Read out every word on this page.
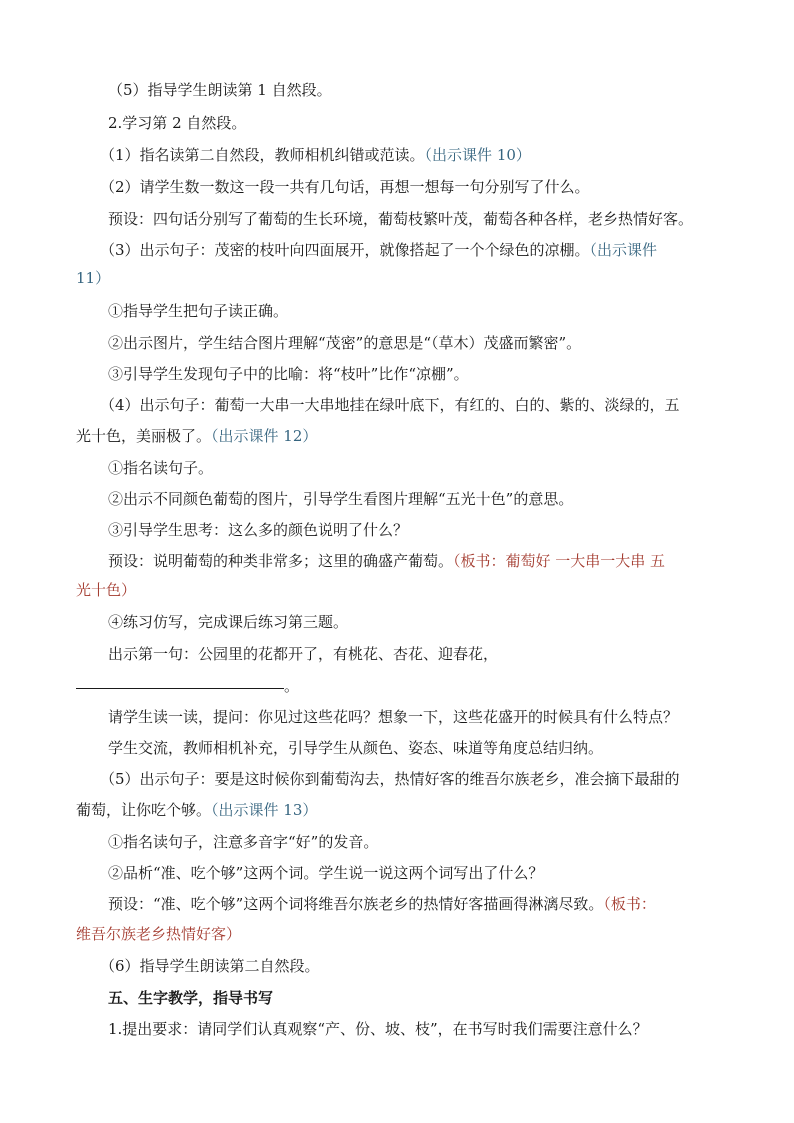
（5）指导学生朗读第 1 自然段。
2.学习第 2 自然段。
（1）指名读第二自然段，教师相机纠错或范读。（出示课件 10）
（2）请学生数一数这一段一共有几句话，再想一想每一句分别写了什么。
预设：四句话分别写了葡萄的生长环境，葡萄枝繁叶茂，葡萄各种各样，老乡热情好客。
（3）出示句子：茂密的枝叶向四面展开，就像搭起了一个个绿色的凉棚。（出示课件
11）
①指导学生把句子读正确。
②出示图片，学生结合图片理解“茂密”的意思是“（草木）茂盛而繁密”。
③引导学生发现句子中的比喻：将“枝叶”比作“凉棚”。
（4）出示句子：葡萄一大串一大串地挂在绿叶底下，有红的、白的、紫的、淡绿的，五
光十色，美丽极了。（出示课件 12）
①指名读句子。
②出示不同颜色葡萄的图片，引导学生看图片理解“五光十色”的意思。
③引导学生思考：这么多的颜色说明了什么？
预设：说明葡萄的种类非常多；这里的确盛产葡萄。（板书：葡萄好 一大串一大串 五
光十色）
④练习仿写，完成课后练习第三题。
出示第一句：公园里的花都开了，有桃花、杏花、迎春花，
。
请学生读一读，提问：你见过这些花吗？想象一下，这些花盛开的时候具有什么特点？
学生交流，教师相机补充，引导学生从颜色、姿态、味道等角度总结归纳。
（5）出示句子：要是这时候你到葡萄沟去，热情好客的维吾尔族老乡，准会摘下最甜的
葡萄，让你吃个够。（出示课件 13）
①指名读句子，注意多音字“好”的发音。
②品析“准、吃个够”这两个词。学生说一说这两个词写出了什么？
预设：“准、吃个够”这两个词将维吾尔族老乡的热情好客描画得淋漓尽致。（板书：
维吾尔族老乡热情好客）
（6）指导学生朗读第二自然段。
五、生字教学，指导书写
1.提出要求：请同学们认真观察“产、份、坡、枝”，在书写时我们需要注意什么？
